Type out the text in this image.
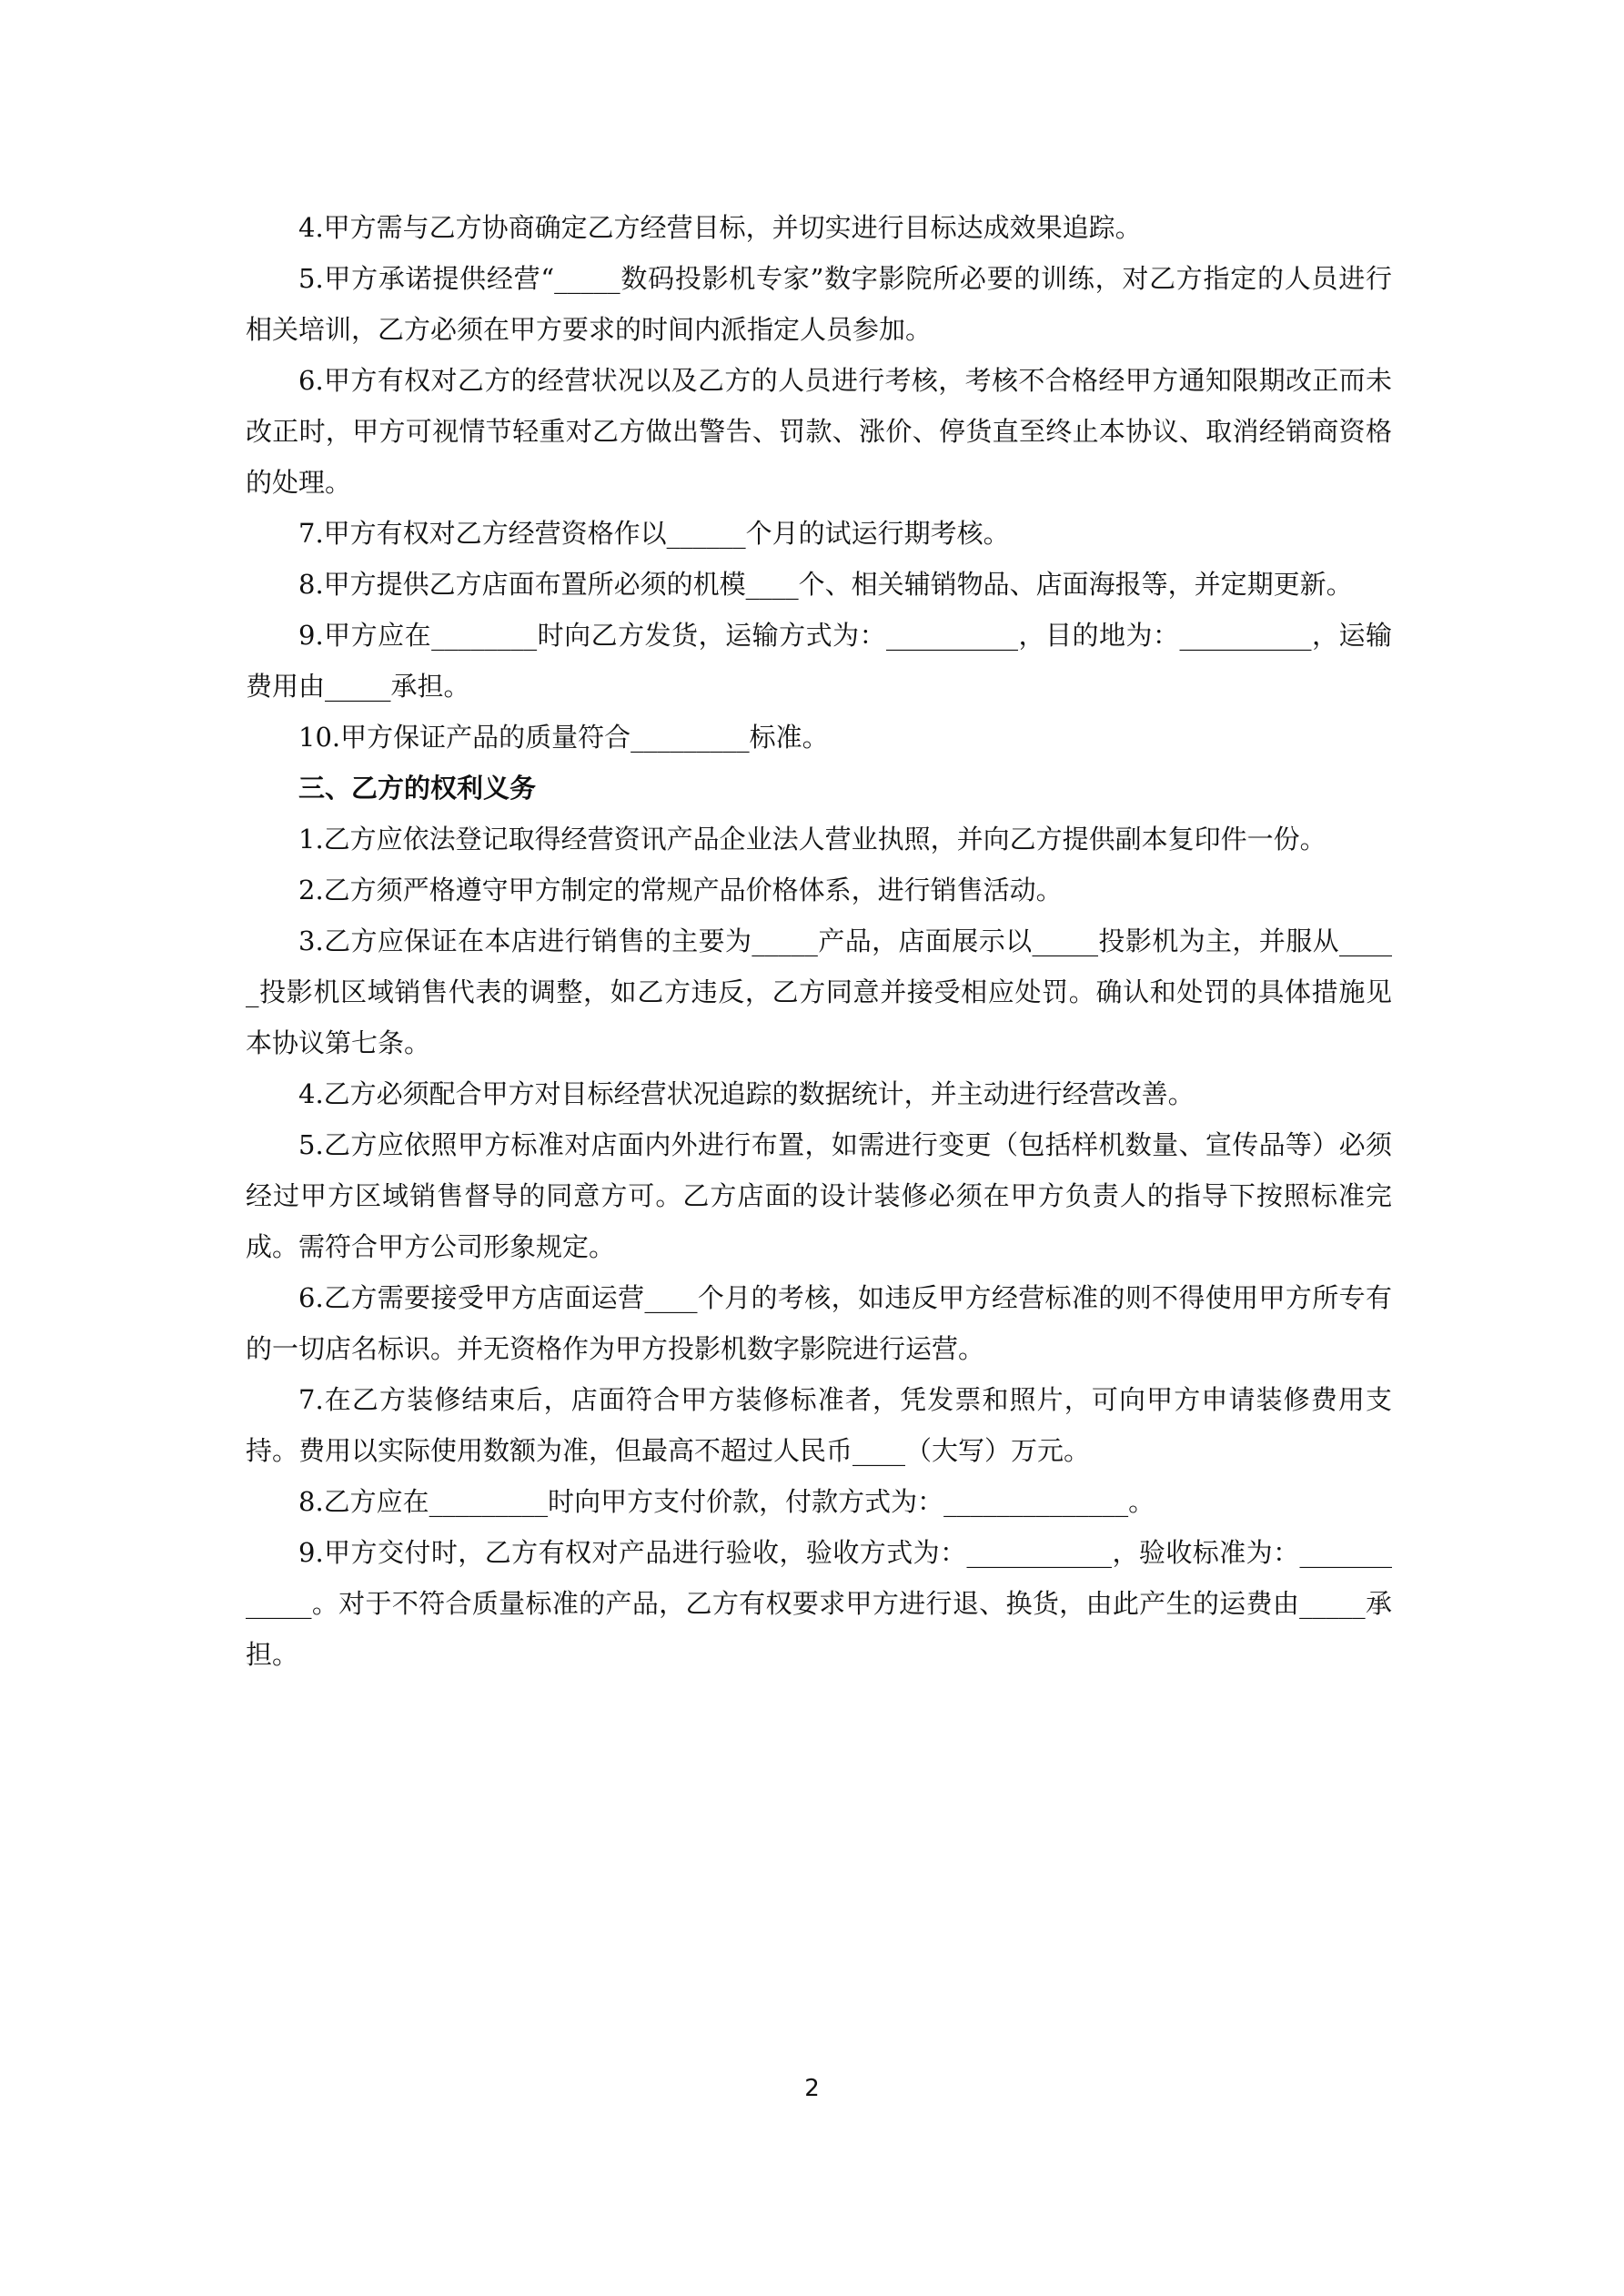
4.甲方需与乙方协商确定乙方经营目标，并切实进行目标达成效果追踪。

5.甲方承诺提供经营“_____数码投影机专家”数字影院所必要的训练，对乙方指定的人员进行相关培训，乙方必须在甲方要求的时间内派指定人员参加。

6.甲方有权对乙方的经营状况以及乙方的人员进行考核，考核不合格经甲方通知限期改正而未改正时，甲方可视情节轻重对乙方做出警告、罚款、涨价、停货直至终止本协议、取消经销商资格的处理。

7.甲方有权对乙方经营资格作以______个月的试运行期考核。

8.甲方提供乙方店面布置所必须的机模____个、相关辅销物品、店面海报等，并定期更新。

9.甲方应在________时向乙方发货，运输方式为：__________，目的地为：__________，运输费用由_____承担。

10.甲方保证产品的质量符合_________标准。

三、乙方的权利义务

1.乙方应依法登记取得经营资讯产品企业法人营业执照，并向乙方提供副本复印件一份。

2.乙方须严格遵守甲方制定的常规产品价格体系，进行销售活动。

3.乙方应保证在本店进行销售的主要为_____产品，店面展示以_____投影机为主，并服从_____投影机区域销售代表的调整，如乙方违反，乙方同意并接受相应处罚。确认和处罚的具体措施见本协议第七条。

4.乙方必须配合甲方对目标经营状况追踪的数据统计，并主动进行经营改善。

5.乙方应依照甲方标准对店面内外进行布置，如需进行变更（包括样机数量、宣传品等）必须经过甲方区域销售督导的同意方可。乙方店面的设计装修必须在甲方负责人的指导下按照标准完成。需符合甲方公司形象规定。

6.乙方需要接受甲方店面运营____个月的考核，如违反甲方经营标准的则不得使用甲方所专有的一切店名标识。并无资格作为甲方投影机数字影院进行运营。

7.在乙方装修结束后，店面符合甲方装修标准者，凭发票和照片，可向甲方申请装修费用支持。费用以实际使用数额为准，但最高不超过人民币____（大写）万元。

8.乙方应在_________时向甲方支付价款，付款方式为：______________。

9.甲方交付时，乙方有权对产品进行验收，验收方式为：___________，验收标准为：____________。对于不符合质量标准的产品，乙方有权要求甲方进行退、换货，由此产生的运费由_____承担。

2
